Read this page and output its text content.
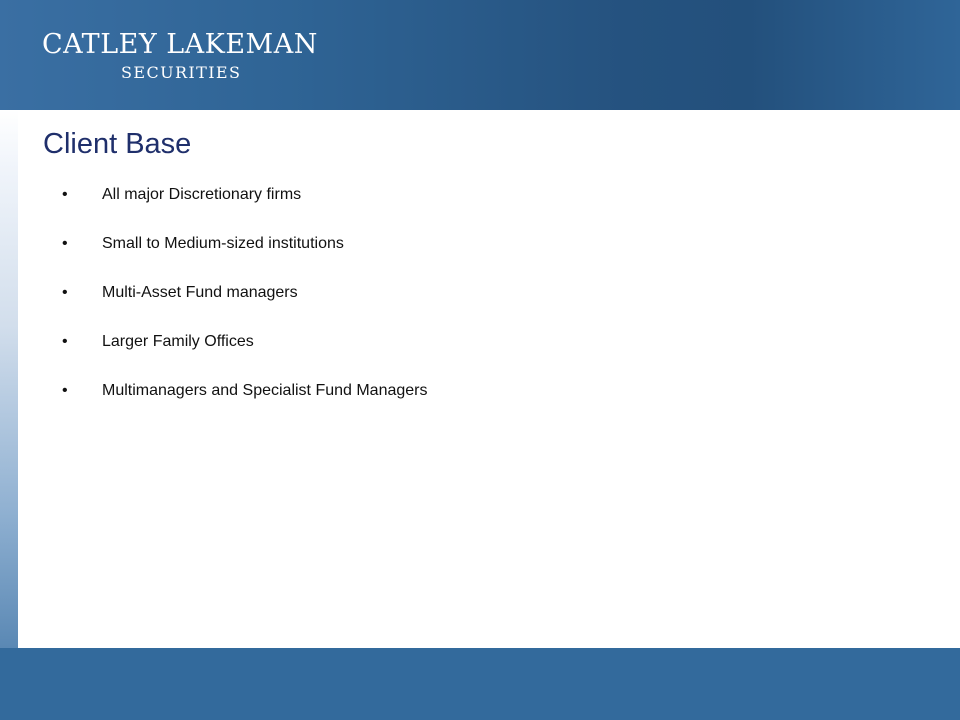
CATLEY LAKEMAN
SECURITIES
Client Base
•	All major Discretionary firms
•	Small to Medium-sized institutions
•	Multi-Asset Fund managers
•	Larger Family Offices
•	Multimanagers and Specialist Fund Managers
